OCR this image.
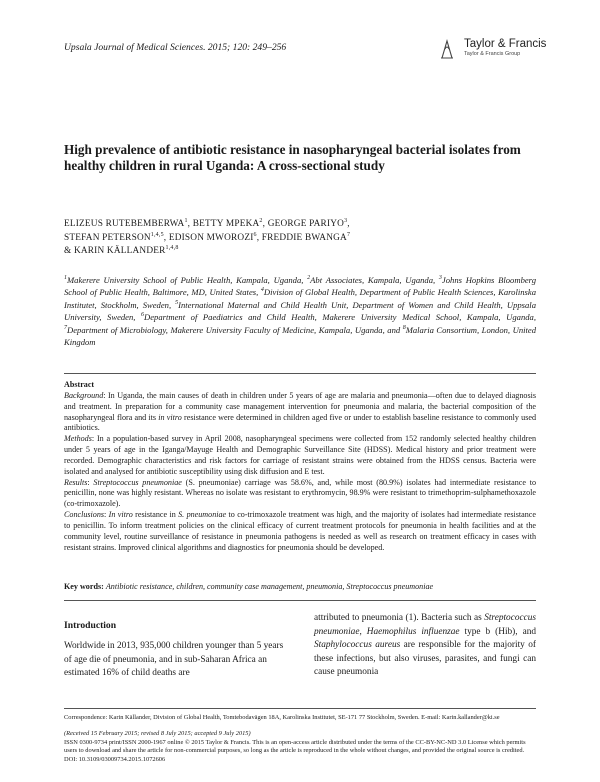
Upsala Journal of Medical Sciences. 2015; 120: 249–256
	Taylor & Francis
Taylor & Francis Group
High prevalence of antibiotic resistance in nasopharyngeal bacterial isolates from healthy children in rural Uganda: A cross-sectional study
ELIZEUS RUTEBEMBERWA$^1$, BETTY MPEKA$^2$, GEORGE PARIYO$^3$,
STEFAN PETERSON$^{1,4,5}$, EDISON MWOROZI$^6$, FREDDIE BWANGA$^7$
& KARIN KÄLLANDER$^{1,4,8}$
$^1$Makerere University School of Public Health, Kampala, Uganda, $^2$Abt Associates, Kampala, Uganda, $^3$Johns Hopkins Bloomberg School of Public Health, Baltimore, MD, United States, $^4$Division of Global Health, Department of Public Health Sciences, Karolinska Institutet, Stockholm, Sweden, $^5$International Maternal and Child Health Unit, Department of Women and Child Health, Uppsala University, Sweden, $^6$Department of Paediatrics and Child Health, Makerere University Medical School, Kampala, Uganda, $^7$Department of Microbiology, Makerere University Faculty of Medicine, Kampala, Uganda, and $^8$Malaria Consortium, London, United Kingdom

Abstract

Background: In Uganda, the main causes of death in children under 5 years of age are malaria and pneumonia—often due to delayed diagnosis and treatment. In preparation for a community case management intervention for pneumonia and malaria, the bacterial composition of the nasopharyngeal flora and its in vitro resistance were determined in children aged five or under to establish baseline resistance to commonly used antibiotics.

Methods: In a population-based survey in April 2008, nasopharyngeal specimens were collected from 152 randomly selected healthy children under 5 years of age in the Iganga/Mayuge Health and Demographic Surveillance Site (HDSS). Medical history and prior treatment were recorded. Demographic characteristics and risk factors for carriage of resistant strains were obtained from the HDSS census. Bacteria were isolated and analysed for antibiotic susceptibility using disk diffusion and E test.

Results: Streptococcus pneumoniae (S. pneumoniae) carriage was 58.6%, and, while most (80.9%) isolates had intermediate resistance to penicillin, none was highly resistant. Whereas no isolate was resistant to erythromycin, 98.9% were resistant to trimethoprim-sulphamethoxazole (co-trimoxazole).

Conclusions: In vitro resistance in S. pneumoniae to co-trimoxazole treatment was high, and the majority of isolates had intermediate resistance to penicillin. To inform treatment policies on the clinical efficacy of current treatment protocols for pneumonia in health facilities and at the community level, routine surveillance of resistance in pneumonia pathogens is needed as well as research on treatment efficacy in cases with resistant strains. Improved clinical algorithms and diagnostics for pneumonia should be developed.

Key words: Antibiotic resistance, children, community case management, pneumonia, Streptococcus pneumoniae
Introduction
Worldwide in 2013, 935,000 children younger than 5 years of age die of pneumonia, and in sub-Saharan Africa an estimated 16% of child deaths are
attributed to pneumonia (1). Bacteria such as Streptococcus pneumoniae, Haemophilus influenzae type b (Hib), and Staphylococcus aureus are responsible for the majority of these infections, but also viruses, parasites, and fungi can cause pneumonia

Correspondence: Karin Källander, Division of Global Health, Tomtebodavägen 18A, Karolinska Institutet, SE-171 77 Stockholm, Sweden. E-mail: Karin.kallander@ki.se

(Received 15 February 2015; revised 8 July 2015; accepted 9 July 2015)

ISSN 0300-9734 print/ISSN 2000-1967 online © 2015 Taylor & Francis. This is an open-access article distributed under the terms of the CC-BY-NC-ND 3.0 License which permits users to download and share the article for non-commercial purposes, so long as the article is reproduced in the whole without changes, and provided the original source is credited.

DOI: 10.3109/03009734.2015.1072606
